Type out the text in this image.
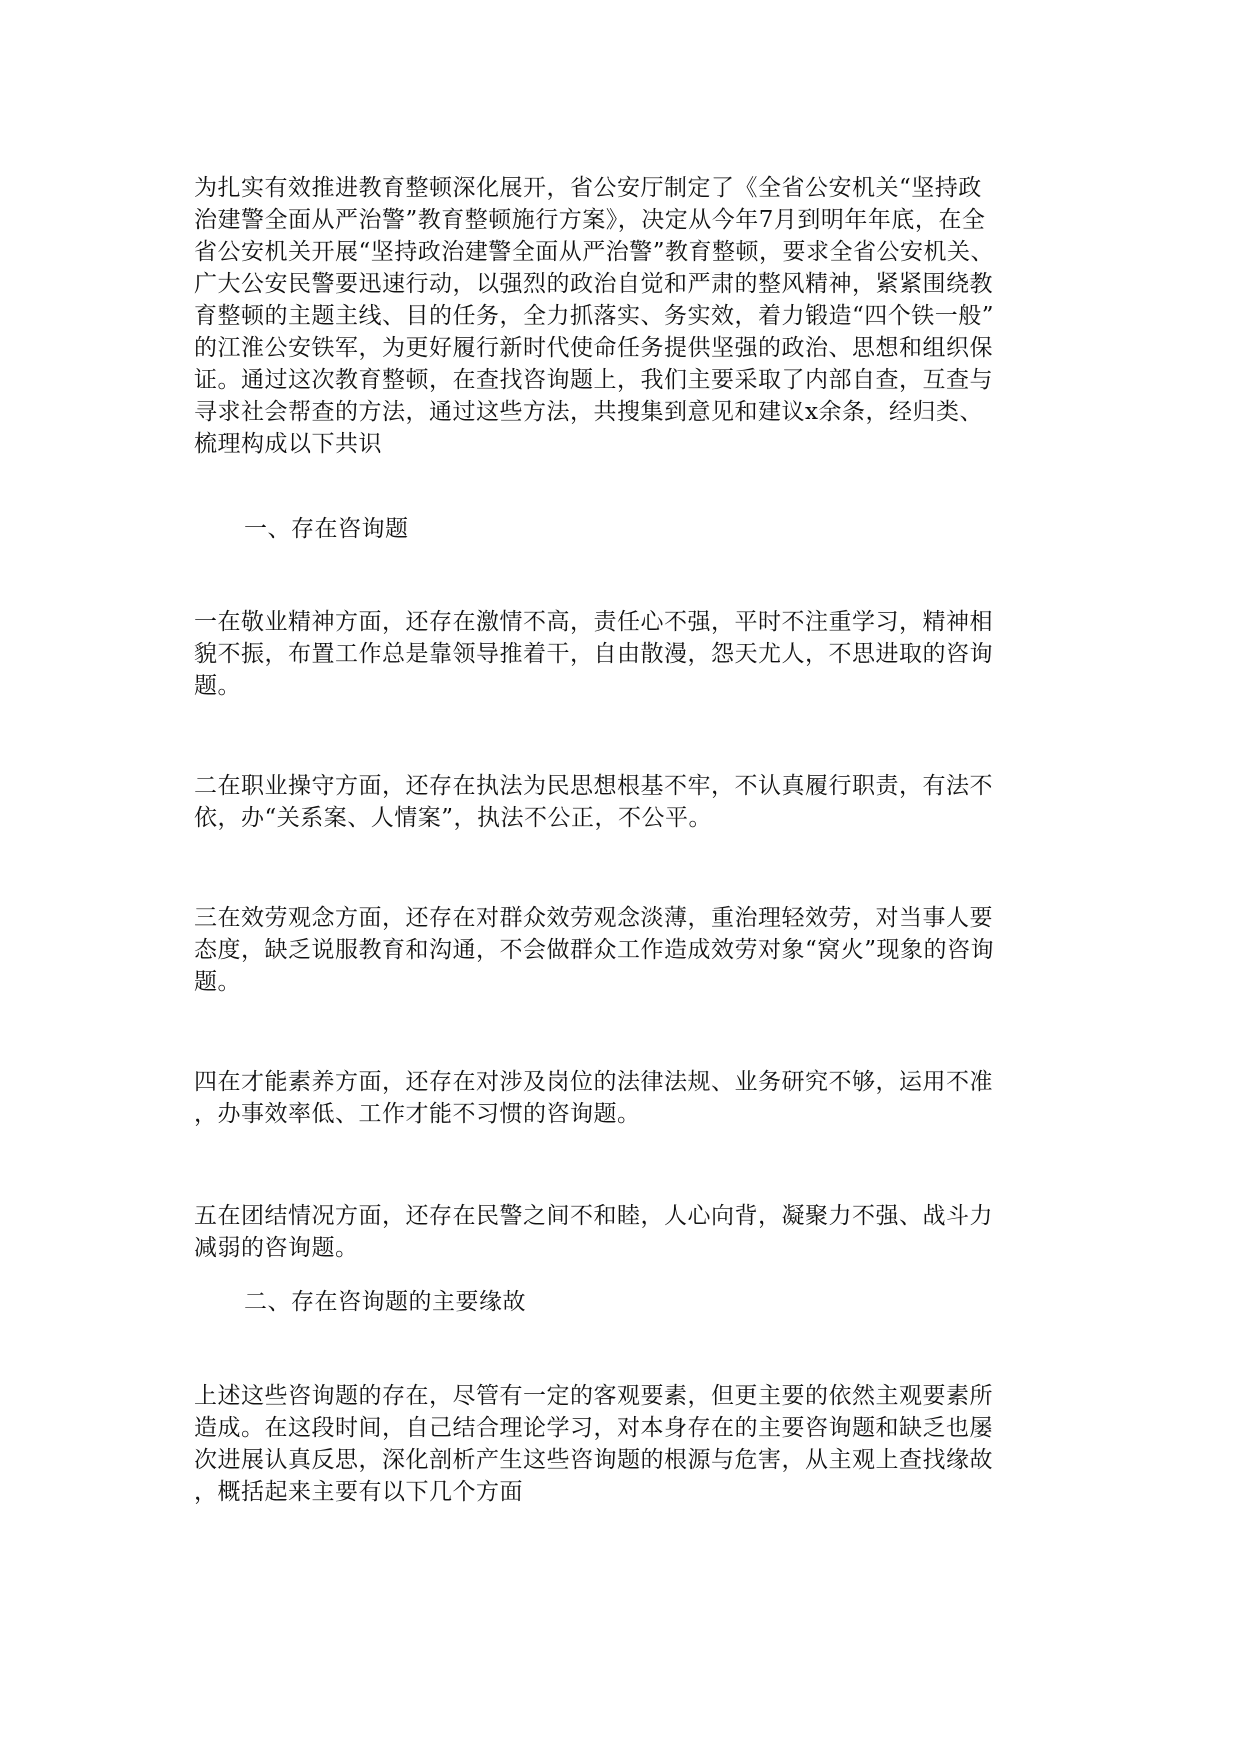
为扎实有效推进教育整顿深化展开，省公安厅制定了《全省公安机关“坚持政
治建警全面从严治警”教育整顿施行方案》，决定从今年7月到明年年底，在全
省公安机关开展“坚持政治建警全面从严治警”教育整顿，要求全省公安机关、
广大公安民警要迅速行动，以强烈的政治自觉和严肃的整风精神，紧紧围绕教
育整顿的主题主线、目的任务，全力抓落实、务实效，着力锻造“四个铁一般”
的江淮公安铁军，为更好履行新时代使命任务提供坚强的政治、思想和组织保
证。通过这次教育整顿，在查找咨询题上，我们主要采取了内部自查，互查与
寻求社会帮查的方法，通过这些方法，共搜集到意见和建议x余条，经归类、
梳理构成以下共识
一、存在咨询题
一在敬业精神方面，还存在激情不高，责任心不强，平时不注重学习，精神相
貌不振，布置工作总是靠领导推着干，自由散漫，怨天尤人，不思进取的咨询
题。
二在职业操守方面，还存在执法为民思想根基不牢，不认真履行职责，有法不
依，办“关系案、人情案”，执法不公正，不公平。
三在效劳观念方面，还存在对群众效劳观念淡薄，重治理轻效劳，对当事人要
态度，缺乏说服教育和沟通，不会做群众工作造成效劳对象“窝火”现象的咨询
题。
四在才能素养方面，还存在对涉及岗位的法律法规、业务研究不够，运用不准
，办事效率低、工作才能不习惯的咨询题。
五在团结情况方面，还存在民警之间不和睦，人心向背，凝聚力不强、战斗力
减弱的咨询题。
二、存在咨询题的主要缘故
上述这些咨询题的存在，尽管有一定的客观要素，但更主要的依然主观要素所
造成。在这段时间，自己结合理论学习，对本身存在的主要咨询题和缺乏也屡
次进展认真反思，深化剖析产生这些咨询题的根源与危害，从主观上查找缘故
，概括起来主要有以下几个方面
